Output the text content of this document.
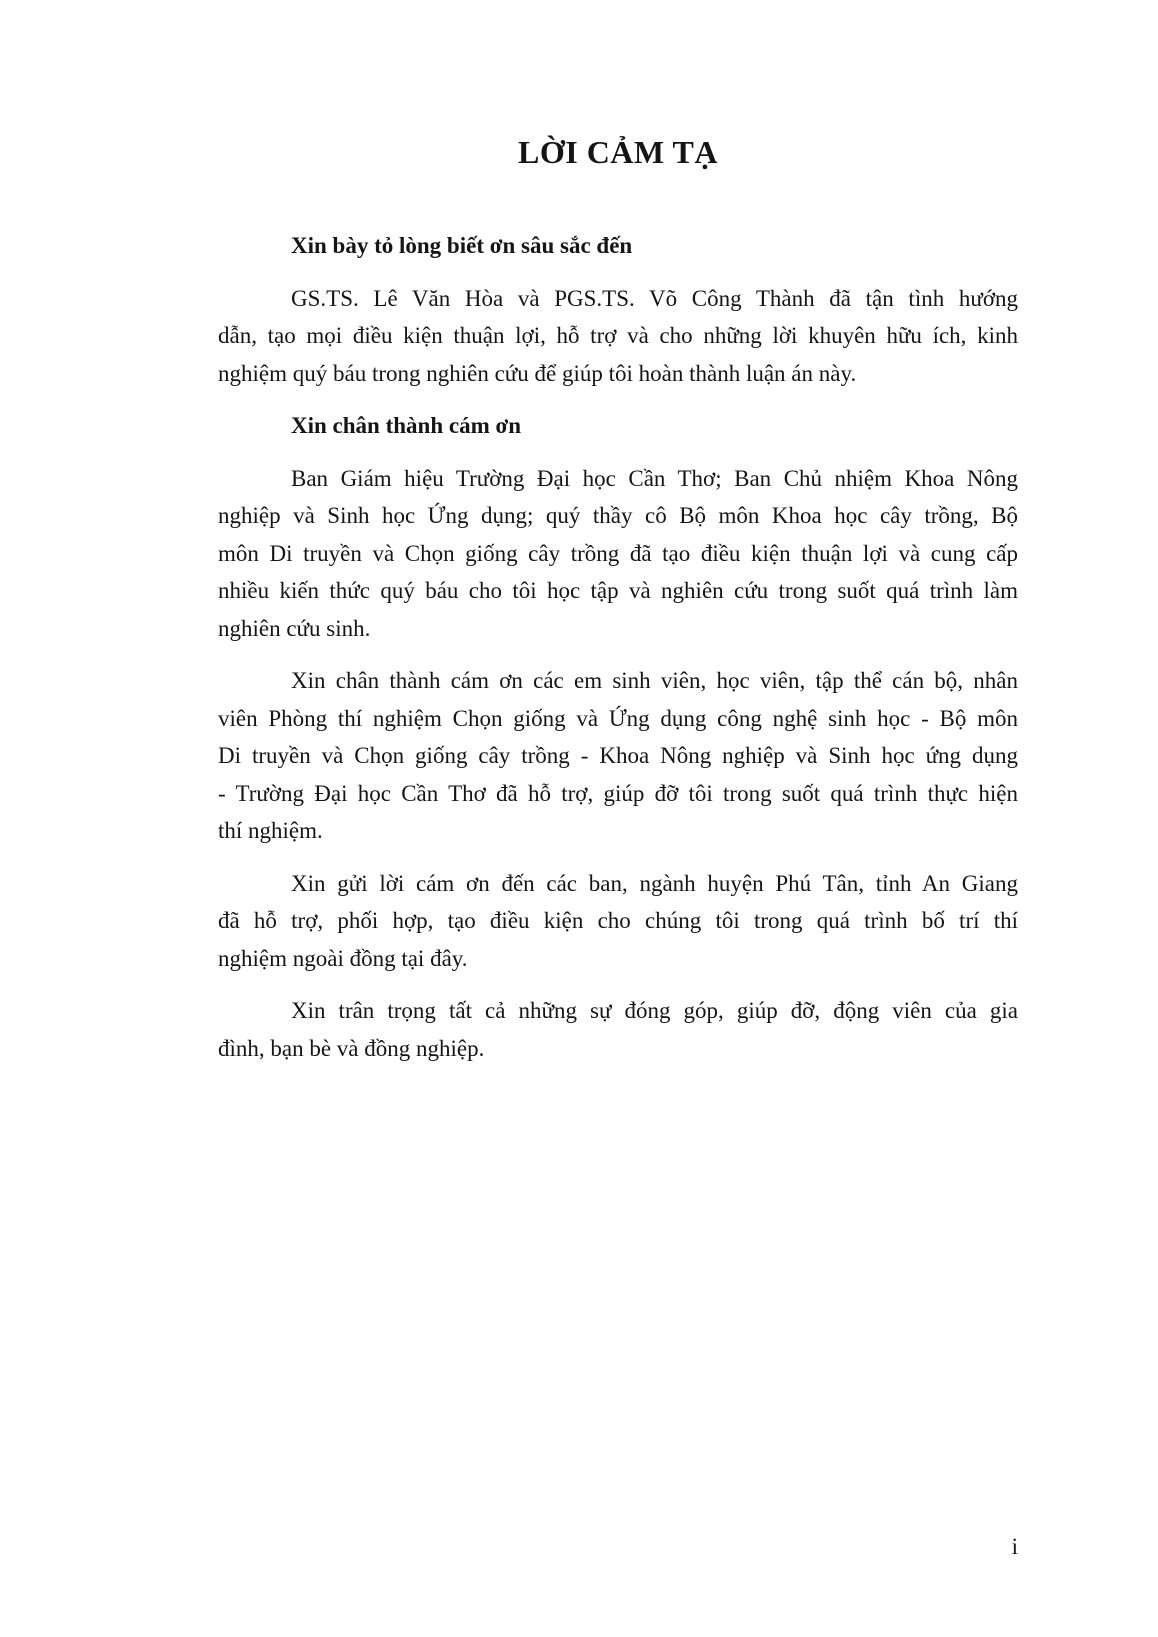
LỜI CẢM TẠ

Xin bày tỏ lòng biết ơn sâu sắc đến

GS.TS. Lê Văn Hòa và PGS.TS. Võ Công Thành đã tận tình hướng
dẫn, tạo mọi điều kiện thuận lợi, hỗ trợ và cho những lời khuyên hữu ích, kinh
nghiệm quý báu trong nghiên cứu để giúp tôi hoàn thành luận án này.

Xin chân thành cám ơn

Ban Giám hiệu Trường Đại học Cần Thơ; Ban Chủ nhiệm Khoa Nông
nghiệp và Sinh học Ứng dụng; quý thầy cô Bộ môn Khoa học cây trồng, Bộ
môn Di truyền và Chọn giống cây trồng đã tạo điều kiện thuận lợi và cung cấp
nhiều kiến thức quý báu cho tôi học tập và nghiên cứu trong suốt quá trình làm
nghiên cứu sinh.

Xin chân thành cám ơn các em sinh viên, học viên, tập thể cán bộ, nhân
viên Phòng thí nghiệm Chọn giống và Ứng dụng công nghệ sinh học - Bộ môn
Di truyền và Chọn giống cây trồng - Khoa Nông nghiệp và Sinh học ứng dụng
- Trường Đại học Cần Thơ đã hỗ trợ, giúp đỡ tôi trong suốt quá trình thực hiện
thí nghiệm.

Xin gửi lời cám ơn đến các ban, ngành huyện Phú Tân, tỉnh An Giang
đã hỗ trợ, phối hợp, tạo điều kiện cho chúng tôi trong quá trình bố trí thí
nghiệm ngoài đồng tại đây.

Xin trân trọng tất cả những sự đóng góp, giúp đỡ, động viên của gia
đình, bạn bè và đồng nghiệp.

i
